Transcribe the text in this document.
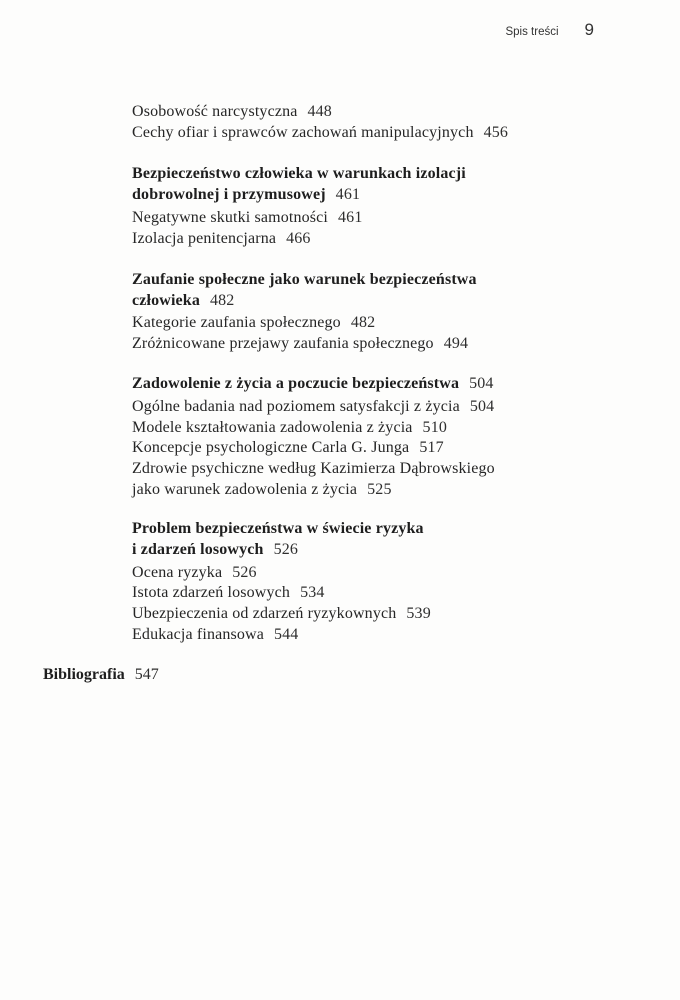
Spis treści 9
Osobowość narcystyczna 448
Cechy ofiar i sprawców zachowań manipulacyjnych 456
Bezpieczeństwo człowieka w warunkach izolacji
dobrowolnej i przymusowej 461
Negatywne skutki samotności 461
Izolacja penitencjarna 466
Zaufanie społeczne jako warunek bezpieczeństwa
człowieka 482
Kategorie zaufania społecznego 482
Zróżnicowane przejawy zaufania społecznego 494
Zadowolenie z życia a poczucie bezpieczeństwa 504
Ogólne badania nad poziomem satysfakcji z życia 504
Modele kształtowania zadowolenia z życia 510
Koncepcje psychologiczne Carla G. Junga 517
Zdrowie psychiczne według Kazimierza Dąbrowskiego
jako warunek zadowolenia z życia 525
Problem bezpieczeństwa w świecie ryzyka
i zdarzeń losowych 526
Ocena ryzyka 526
Istota zdarzeń losowych 534
Ubezpieczenia od zdarzeń ryzykownych 539
Edukacja finansowa 544
Bibliografia 547
